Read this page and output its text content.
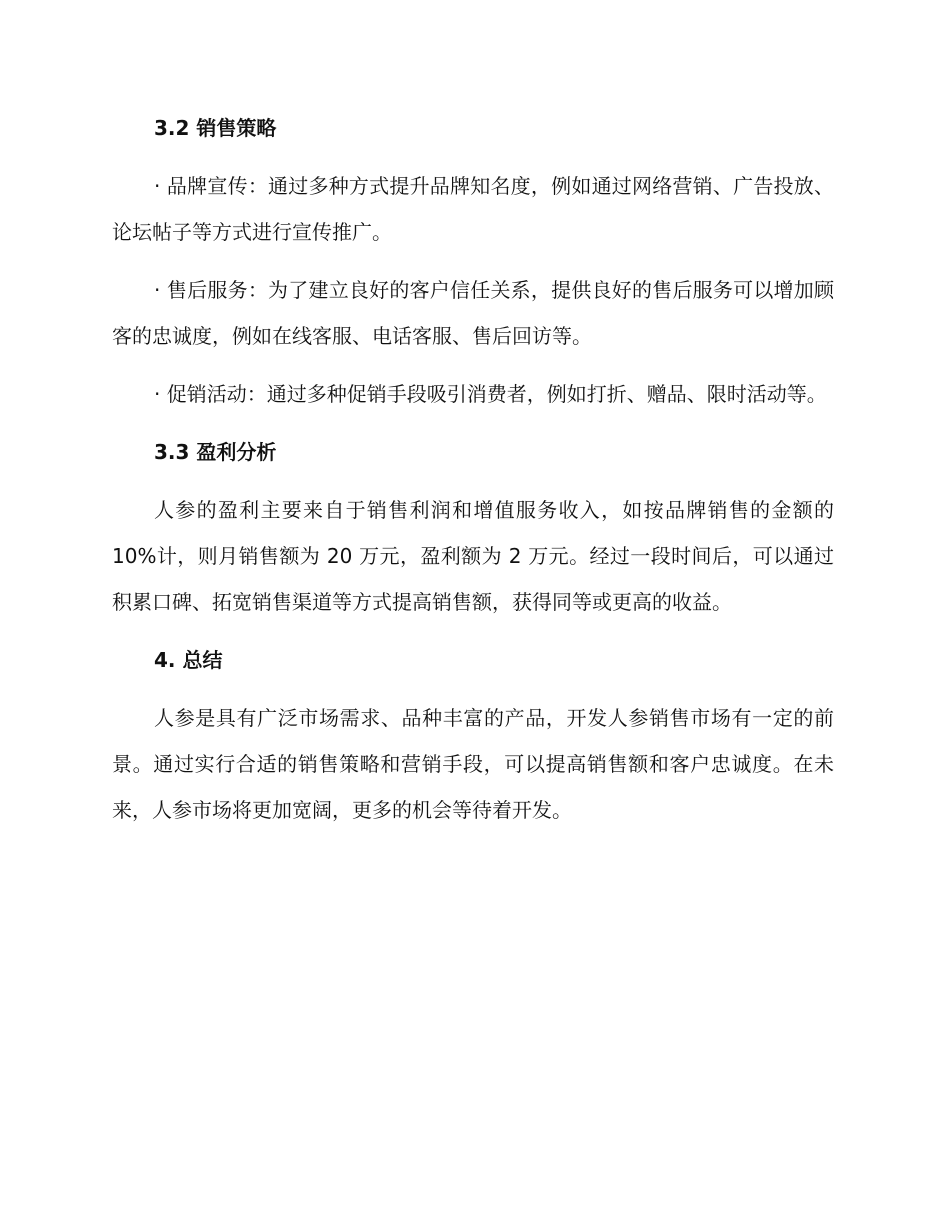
3.2 销售策略

· 品牌宣传：通过多种方式提升品牌知名度，例如通过网络营销、广告投放、论坛帖子等方式进行宣传推广。

· 售后服务：为了建立良好的客户信任关系，提供良好的售后服务可以增加顾客的忠诚度，例如在线客服、电话客服、售后回访等。

· 促销活动：通过多种促销手段吸引消费者，例如打折、赠品、限时活动等。

3.3 盈利分析

人参的盈利主要来自于销售利润和增值服务收入，如按品牌销售的金额的 10%计，则月销售额为 20 万元，盈利额为 2 万元。经过一段时间后，可以通过积累口碑、拓宽销售渠道等方式提高销售额，获得同等或更高的收益。

4. 总结

人参是具有广泛市场需求、品种丰富的产品，开发人参销售市场有一定的前景。通过实行合适的销售策略和营销手段，可以提高销售额和客户忠诚度。在未来，人参市场将更加宽阔，更多的机会等待着开发。
